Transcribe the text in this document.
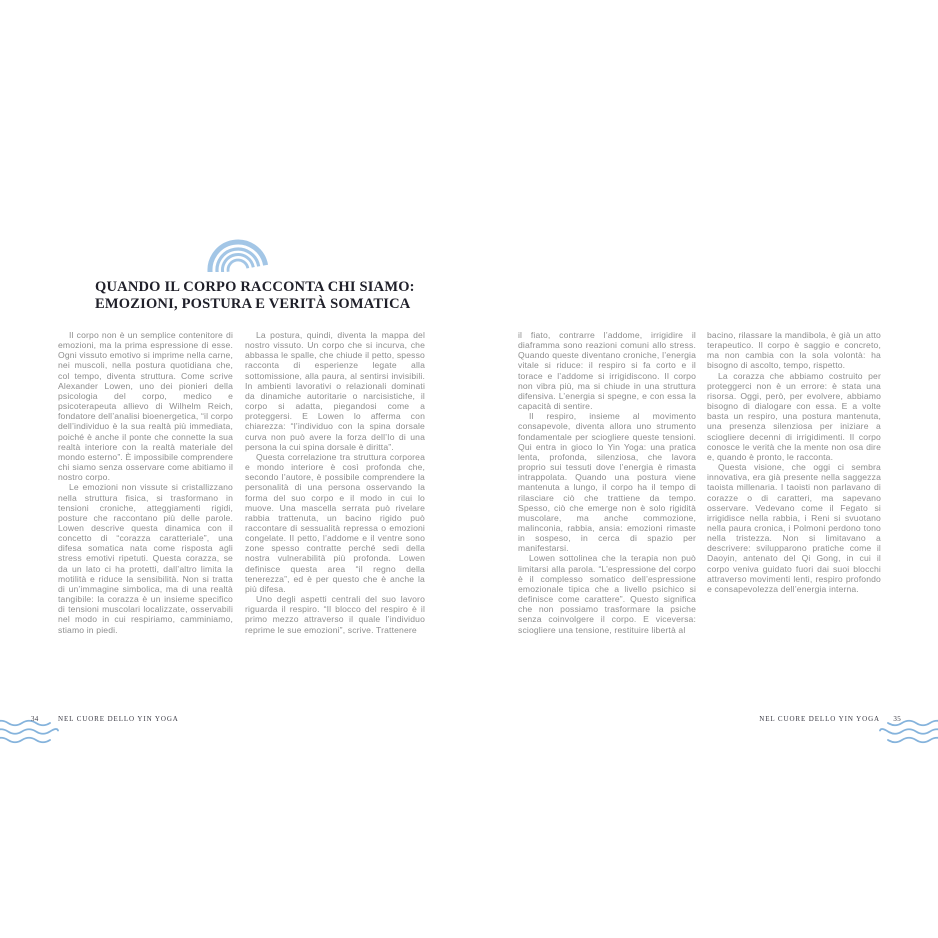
QUANDO IL CORPO RACCONTA CHI SIAMO:
EMOZIONI, POSTURA E VERITÀ SOMATICA

Il corpo non è un semplice contenitore di emozioni, ma la prima espressione di esse. Ogni vissuto emotivo si imprime nella carne, nei muscoli, nella postura quotidiana che, col tempo, diventa struttura. Come scrive Alexander Lowen, uno dei pionieri della psicologia del corpo, medico e psicoterapeuta allievo di Wilhelm Reich, fondatore dell’analisi bioenergetica, “il corpo dell’individuo è la sua realtà più immediata, poiché è anche il ponte che connette la sua realtà interiore con la realtà materiale del mondo esterno”. È impossibile comprendere chi siamo senza osservare come abitiamo il nostro corpo.

Le emozioni non vissute si cristallizzano nella struttura fisica, si trasformano in tensioni croniche, atteggiamenti rigidi, posture che raccontano più delle parole. Lowen descrive questa dinamica con il concetto di “corazza caratteriale”, una difesa somatica nata come risposta agli stress emotivi ripetuti. Questa corazza, se da un lato ci ha protetti, dall’altro limita la motilità e riduce la sensibilità. Non si tratta di un’immagine simbolica, ma di una realtà tangibile: la corazza è un insieme specifico di tensioni muscolari localizzate, osservabili nel modo in cui respiriamo, camminiamo, stiamo in piedi.

La postura, quindi, diventa la mappa del nostro vissuto. Un corpo che si incurva, che abbassa le spalle, che chiude il petto, spesso racconta di esperienze legate alla sottomissione, alla paura, al sentirsi invisibili. In ambienti lavorativi o relazionali dominati da dinamiche autoritarie o narcisistiche, il corpo si adatta, piegandosi come a proteggersi. E Lowen lo afferma con chiarezza: “l’individuo con la spina dorsale curva non può avere la forza dell’Io di una persona la cui spina dorsale è diritta”.

Questa correlazione tra struttura corporea e mondo interiore è così profonda che, secondo l’autore, è possibile comprendere la personalità di una persona osservando la forma del suo corpo e il modo in cui lo muove. Una mascella serrata può rivelare rabbia trattenuta, un bacino rigido può raccontare di sessualità repressa o emozioni congelate. Il petto, l’addome e il ventre sono zone spesso contratte perché sedi della nostra vulnerabilità più profonda. Lowen definisce questa area “il regno della tenerezza”, ed è per questo che è anche la più difesa.

Uno degli aspetti centrali del suo lavoro riguarda il respiro. “Il blocco del respiro è il primo mezzo attraverso il quale l’individuo reprime le sue emozioni”, scrive. Trattenere

il fiato, contrarre l’addome, irrigidire il diaframma sono reazioni comuni allo stress. Quando queste diventano croniche, l’energia vitale si riduce: il respiro si fa corto e il torace e l’addome si irrigidiscono. Il corpo non vibra più, ma si chiude in una struttura difensiva. L’energia si spegne, e con essa la capacità di sentire.

Il respiro, insieme al movimento consapevole, diventa allora uno strumento fondamentale per sciogliere queste tensioni. Qui entra in gioco lo Yin Yoga: una pratica lenta, profonda, silenziosa, che lavora proprio sui tessuti dove l’energia è rimasta intrappolata. Quando una postura viene mantenuta a lungo, il corpo ha il tempo di rilasciare ciò che trattiene da tempo. Spesso, ciò che emerge non è solo rigidità muscolare, ma anche commozione, malinconia, rabbia, ansia: emozioni rimaste in sospeso, in cerca di spazio per manifestarsi.

Lowen sottolinea che la terapia non può limitarsi alla parola. “L’espressione del corpo è il complesso somatico dell’espressione emozionale tipica che a livello psichico si definisce come carattere”. Questo significa che non possiamo trasformare la psiche senza coinvolgere il corpo. E viceversa: sciogliere una tensione, restituire libertà al

bacino, rilassare la mandibola, è già un atto terapeutico. Il corpo è saggio e concreto, ma non cambia con la sola volontà: ha bisogno di ascolto, tempo, rispetto.

La corazza che abbiamo costruito per proteggerci non è un errore: è stata una risorsa. Oggi, però, per evolvere, abbiamo bisogno di dialogare con essa. E a volte basta un respiro, una postura mantenuta, una presenza silenziosa per iniziare a sciogliere decenni di irrigidimenti. Il corpo conosce le verità che la mente non osa dire e, quando è pronto, le racconta.

Questa visione, che oggi ci sembra innovativa, era già presente nella saggezza taoista millenaria. I taoisti non parlavano di corazze o di caratteri, ma sapevano osservare. Vedevano come il Fegato si irrigidisce nella rabbia, i Reni si svuotano nella paura cronica, i Polmoni perdono tono nella tristezza. Non si limitavano a descrivere: svilupparono pratiche come il Daoyin, antenato del Qi Gong, in cui il corpo veniva guidato fuori dai suoi blocchi attraverso movimenti lenti, respiro profondo e consapevolezza dell’energia interna.

34	NEL CUORE DELLO YIN YOGA	NEL CUORE DELLO YIN YOGA 35
